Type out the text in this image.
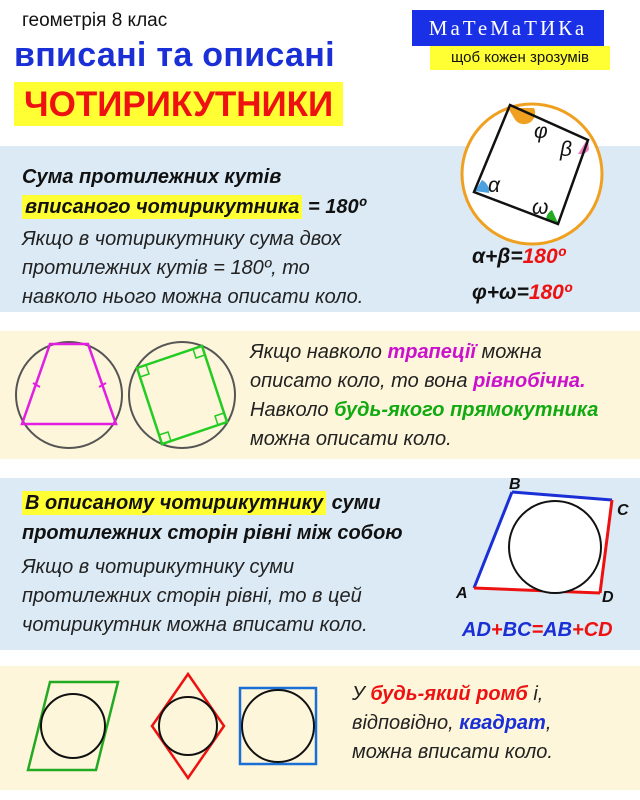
геометрія 8 клас
вписані та описані
ЧОТИРИКУТНИКИ
МаТеМаТИКа
щоб кожен зрозумів
Сума протилежних кутів
вписаного чотирикутника = 180º
Якщо в чотирикутнику сума двох
протилежних кутів = 180º, то
навколо нього можна описати коло.
φ
β
α
ω
α+β=180º
φ+ω=180º
Якщо навколо трапеції можна
описато коло, то вона рівнобічна.
Навколо будь-якого прямокутника
можна описати коло.
В описаному чотирикутнику суми
протилежних сторін рівні між собою
Якщо в чотирикутнику суми
протилежних сторін рівні, то в цей
чотирикутник можна вписати коло.
A
B
C
D
AD+BC=AB+CD
У будь-який ромб і,
відповідно, квадрат,
можна вписати коло.
